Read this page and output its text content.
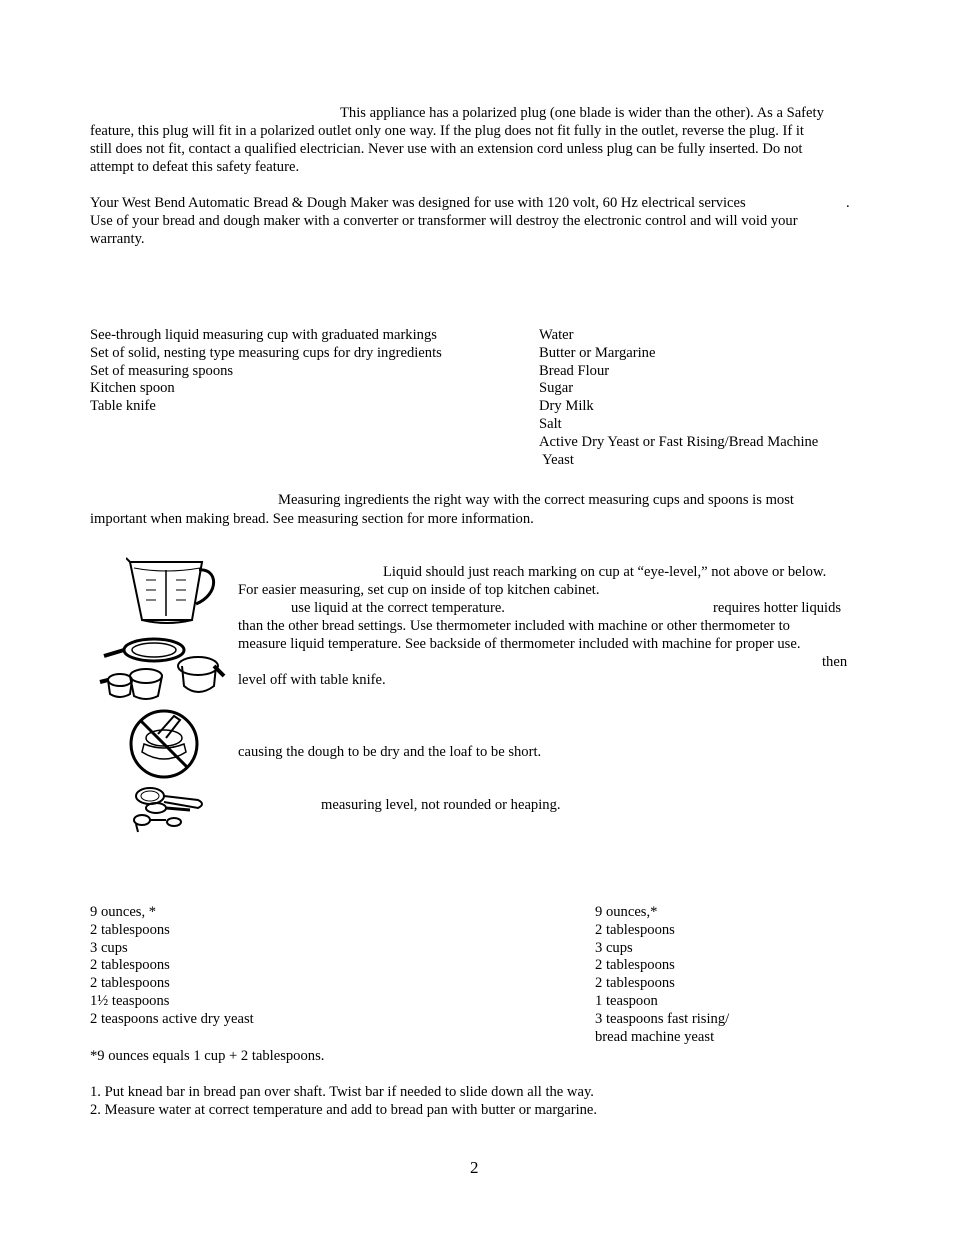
This appliance has a polarized plug (one blade is wider than the other). As a Safety
feature, this plug will fit in a polarized outlet only one way. If the plug does not fit fully in the outlet, reverse the plug. If it
still does not fit, contact a qualified electrician. Never use with an extension cord unless plug can be fully inserted. Do not
attempt to defeat this safety feature.
Your West Bend Automatic Bread & Dough Maker was designed for use with 120 volt, 60 Hz electrical services	.
Use of your bread and dough maker with a converter or transformer will destroy the electronic control and will void your
warranty.
See-through liquid measuring cup with graduated markings
Set of solid, nesting type measuring cups for dry ingredients
Set of measuring spoons
Kitchen spoon
Table knife
Water
Butter or Margarine
Bread Flour
Sugar
Dry Milk
Salt
Active Dry Yeast or Fast Rising/Bread Machine
Yeast
Measuring ingredients the right way with the correct measuring cups and spoons is most
important when making bread. See measuring section for more information.
Liquid should just reach marking on cup at “eye-level,” not above or below.
For easier measuring, set cup on inside of top kitchen cabinet.
use liquid at the correct temperature.	requires hotter liquids
than the other bread settings. Use thermometer included with machine or other thermometer to
measure liquid temperature. See backside of thermometer included with machine for proper use.
then
level off with table knife.
causing the dough to be dry and the loaf to be short.
measuring level, not rounded or heaping.
9 ounces, *
2 tablespoons
3 cups
2 tablespoons
2 tablespoons
1½ teaspoons
2 teaspoons active dry yeast
9 ounces,*
2 tablespoons
3 cups
2 tablespoons
2 tablespoons
1 teaspoon
3 teaspoons fast rising/
bread machine yeast
*9 ounces equals 1 cup + 2 tablespoons.
1. Put knead bar in bread pan over shaft. Twist bar if needed to slide down all the way.
2. Measure water at correct temperature and add to bread pan with butter or margarine.
2
